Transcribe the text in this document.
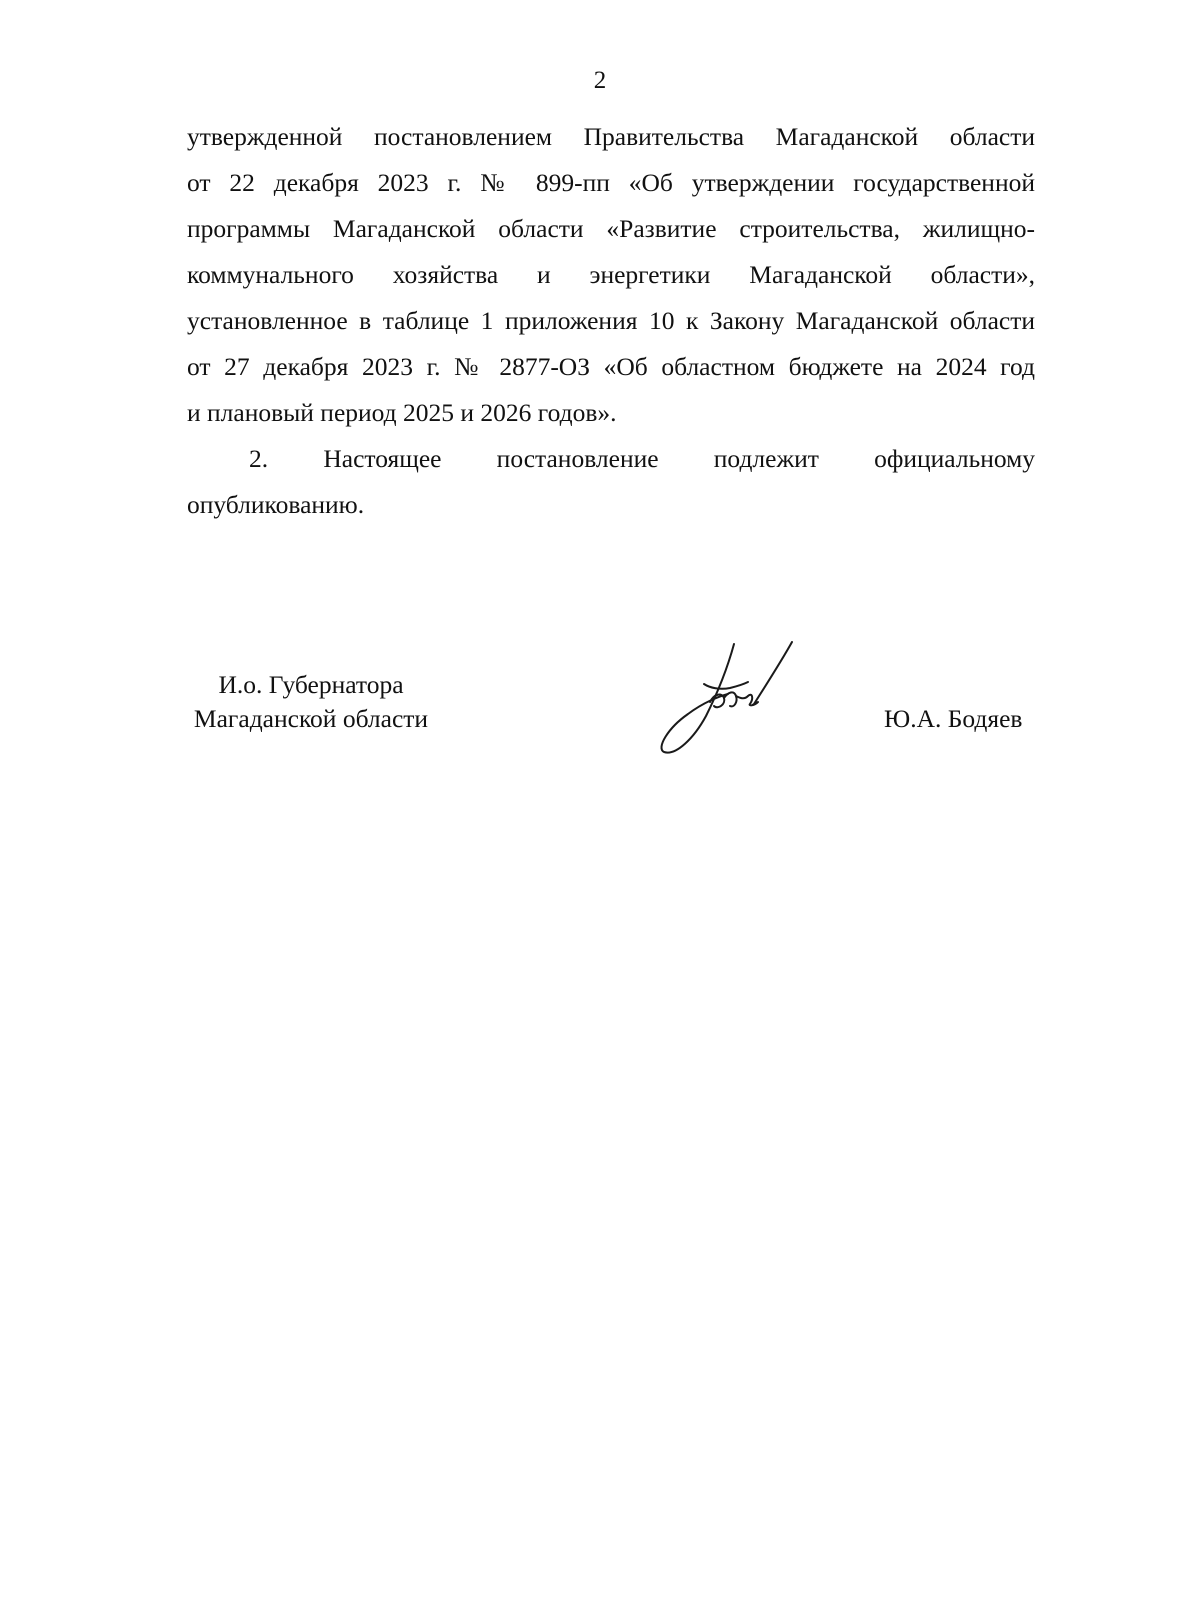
2
утвержденной постановлением Правительства Магаданской области
от 22 декабря 2023 г. № 899-пп «Об утверждении государственной
программы Магаданской области «Развитие строительства, жилищно-
коммунального хозяйства и энергетики Магаданской области»,
установленное в таблице 1 приложения 10 к Закону Магаданской области
от 27 декабря 2023 г. № 2877-ОЗ «Об областном бюджете на 2024 год
и плановый период 2025 и 2026 годов».
2. Настоящее постановление подлежит официальному
опубликованию.
И.о. Губернатора
Магаданской области	Ю.А. Бодяев
